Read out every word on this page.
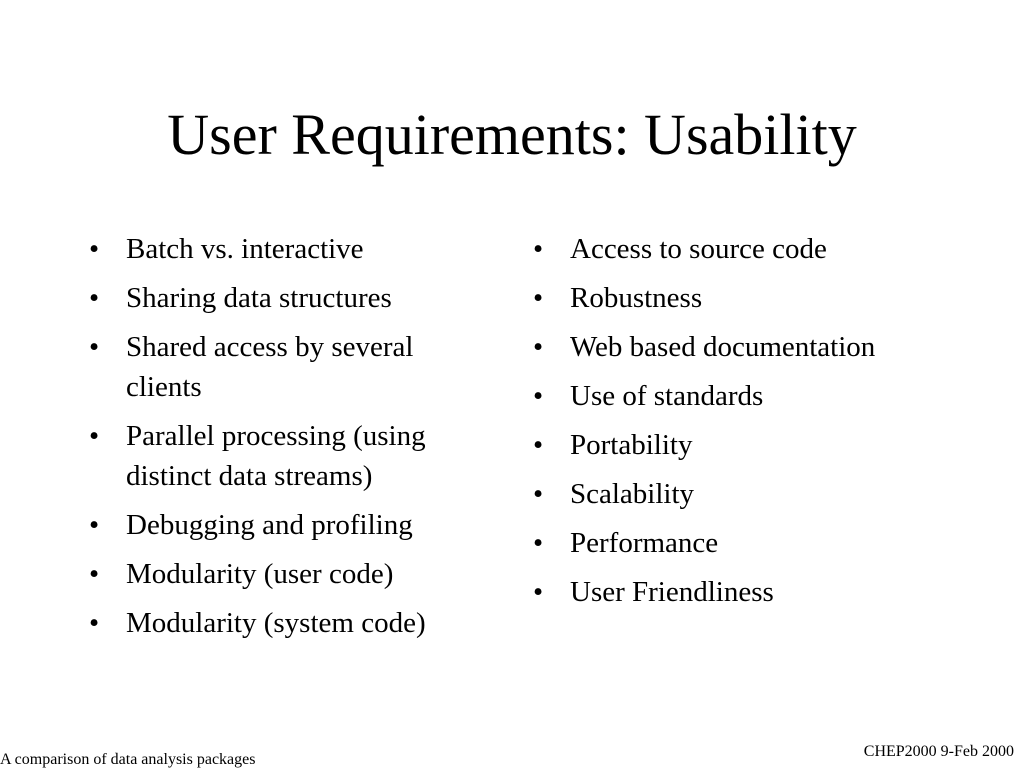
User Requirements: Usability
• Batch vs. interactive
• Sharing data structures
• Shared access by several clients
• Parallel processing (using distinct data streams)
• Debugging and profiling
• Modularity (user code)
• Modularity (system code)
• Access to source code
• Robustness
• Web based documentation
• Use of standards
• Portability
• Scalability
• Performance
• User Friendliness
A comparison of data analysis packages	CHEP2000 9-Feb 2000
